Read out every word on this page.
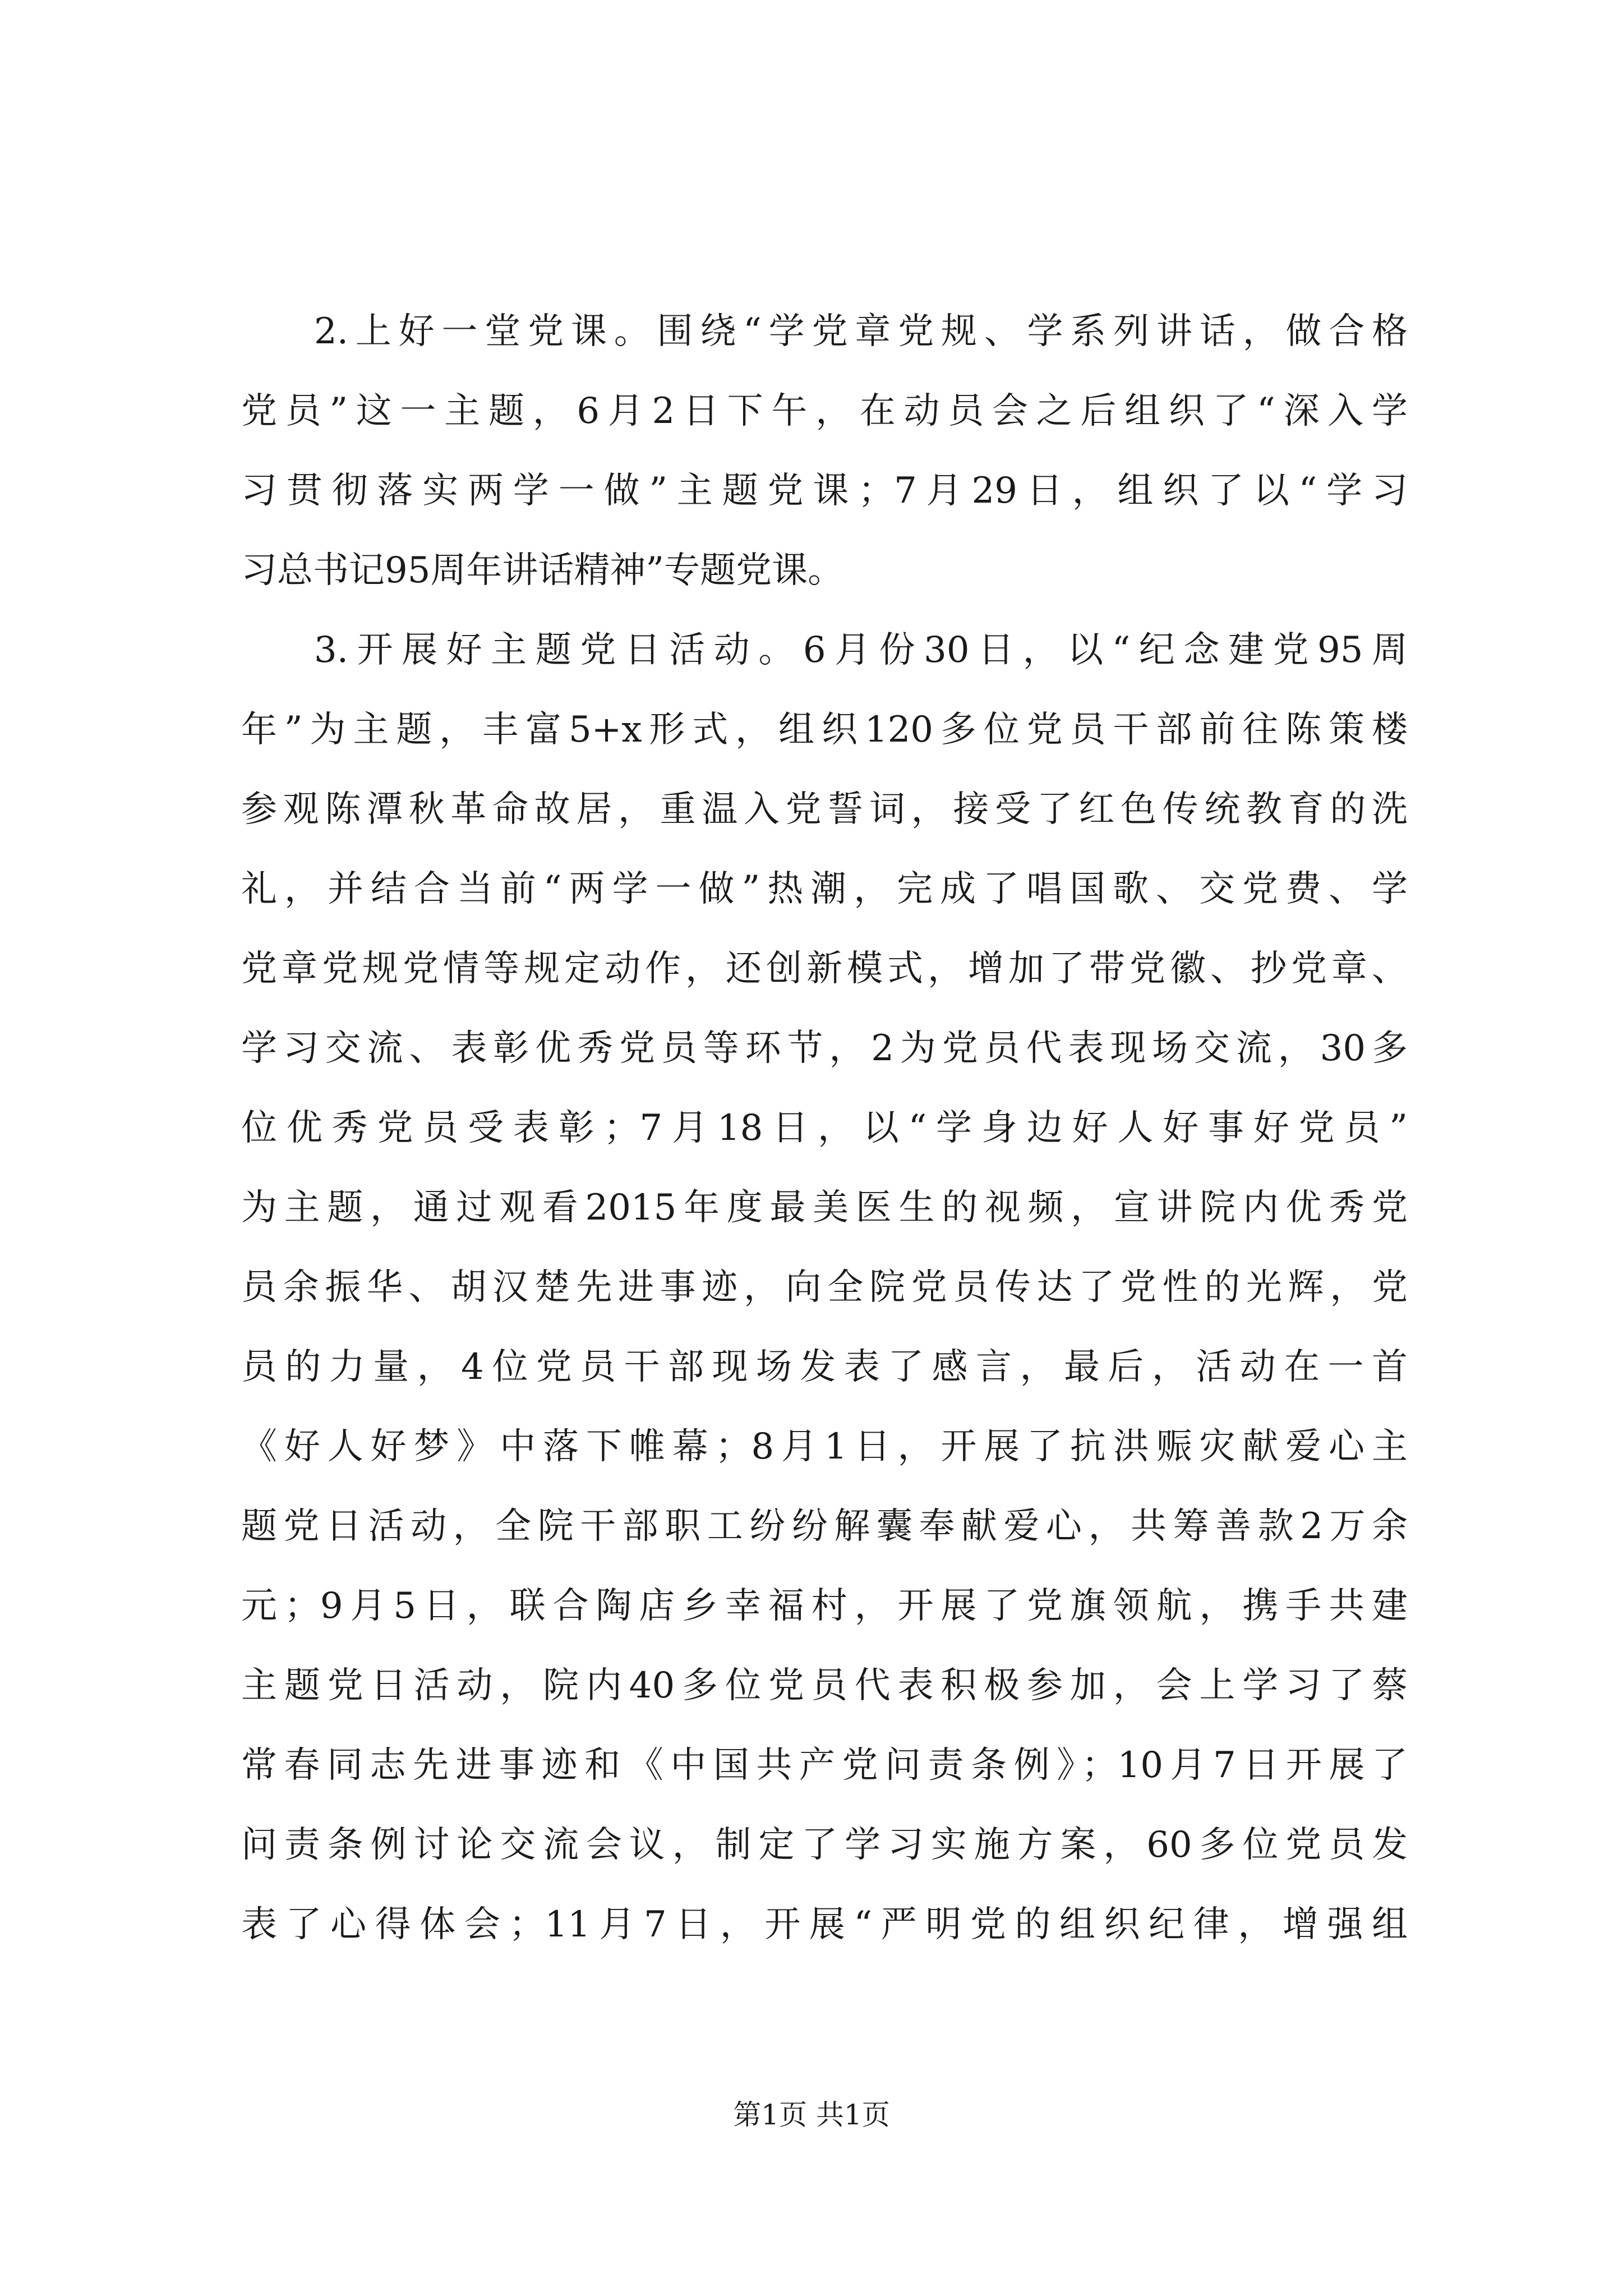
2.上好一堂党课。围绕“学党章党规、学系列讲话，做合格
党员”这一主题，6月2日下午，在动员会之后组织了“深入学
习贯彻落实两学一做”主题党课；7月29日，组织了以“学习
习总书记95周年讲话精神”专题党课。
3.开展好主题党日活动。6月份30日，以“纪念建党95周
年”为主题，丰富5+x形式，组织120多位党员干部前往陈策楼
参观陈潭秋革命故居，重温入党誓词，接受了红色传统教育的洗
礼，并结合当前“两学一做”热潮，完成了唱国歌、交党费、学
党章党规党情等规定动作，还创新模式，增加了带党徽、抄党章、
学习交流、表彰优秀党员等环节，2为党员代表现场交流，30多
位优秀党员受表彰；7月18日，以“学身边好人好事好党员”
为主题，通过观看2015年度最美医生的视频，宣讲院内优秀党
员余振华、胡汉楚先进事迹，向全院党员传达了党性的光辉，党
员的力量，4位党员干部现场发表了感言，最后，活动在一首
《好人好梦》中落下帷幕；8月1日，开展了抗洪赈灾献爱心主
题党日活动，全院干部职工纷纷解囊奉献爱心，共筹善款2万余
元；9月5日，联合陶店乡幸福村，开展了党旗领航，携手共建
主题党日活动，院内40多位党员代表积极参加，会上学习了蔡
常春同志先进事迹和《中国共产党问责条例》；10月7日开展了
问责条例讨论交流会议，制定了学习实施方案，60多位党员发
表了心得体会；11月7日，开展“严明党的组织纪律，增强组
第1页 共1页
